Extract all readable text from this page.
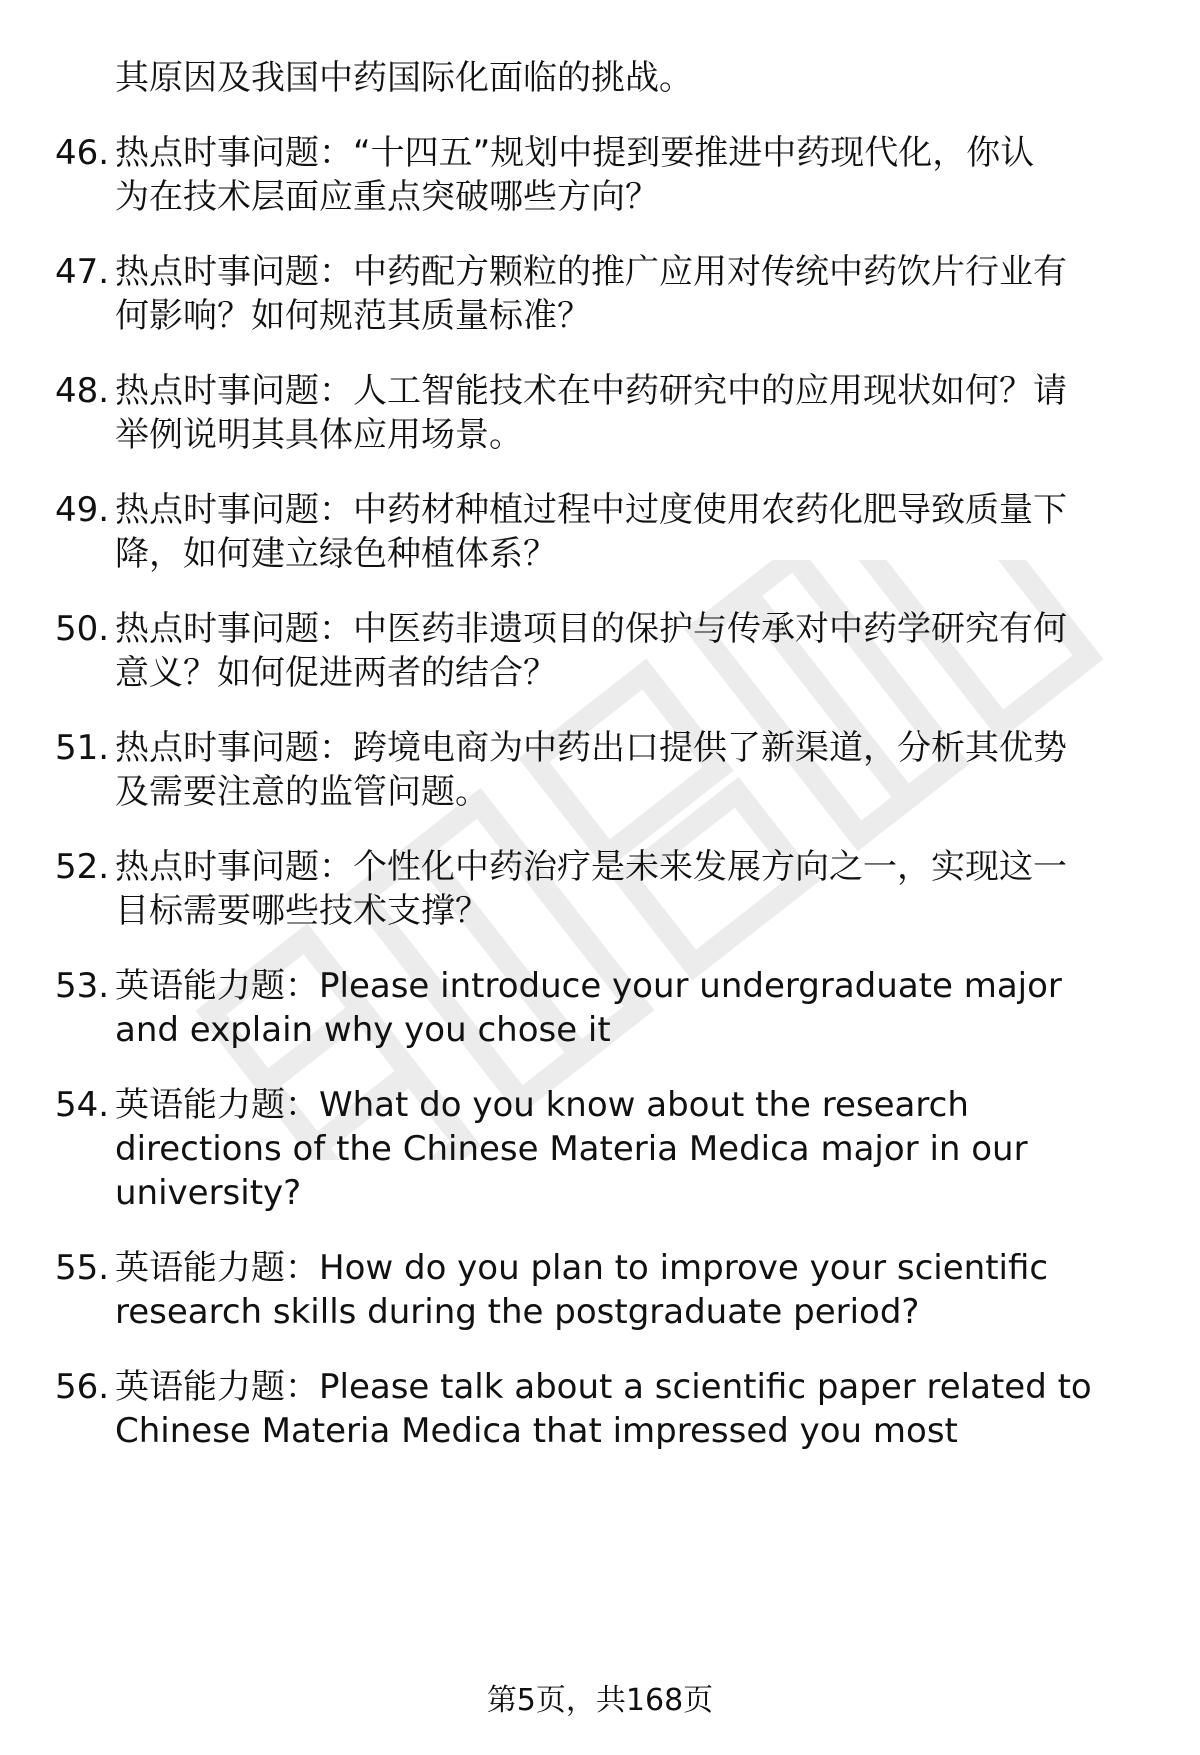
第5页，共168页
其原因及我国中药国际化面临的挑战。
46. 热点时事问题：“十四五”规划中提到要推进中药现代化，你认
为在技术层面应重点突破哪些方向？
47. 热点时事问题：中药配方颗粒的推广应用对传统中药饮片行业有
何影响？如何规范其质量标准？
48. 热点时事问题：人工智能技术在中药研究中的应用现状如何？请
举例说明其具体应用场景。
49. 热点时事问题：中药材种植过程中过度使用农药化肥导致质量下
降，如何建立绿色种植体系？
50. 热点时事问题：中医药非遗项目的保护与传承对中药学研究有何
意义？如何促进两者的结合？
51. 热点时事问题：跨境电商为中药出口提供了新渠道，分析其优势
及需要注意的监管问题。
52. 热点时事问题：个性化中药治疗是未来发展方向之一，实现这一
目标需要哪些技术支撑？
53. 英语能力题：Please introduce your undergraduate major
and explain why you chose it
54. 英语能力题：What do you know about the research
directions of the Chinese Materia Medica major in our
university?
55. 英语能力题：How do you plan to improve your scientific
research skills during the postgraduate period?
56. 英语能力题：Please talk about a scientific paper related to
Chinese Materia Medica that impressed you most
